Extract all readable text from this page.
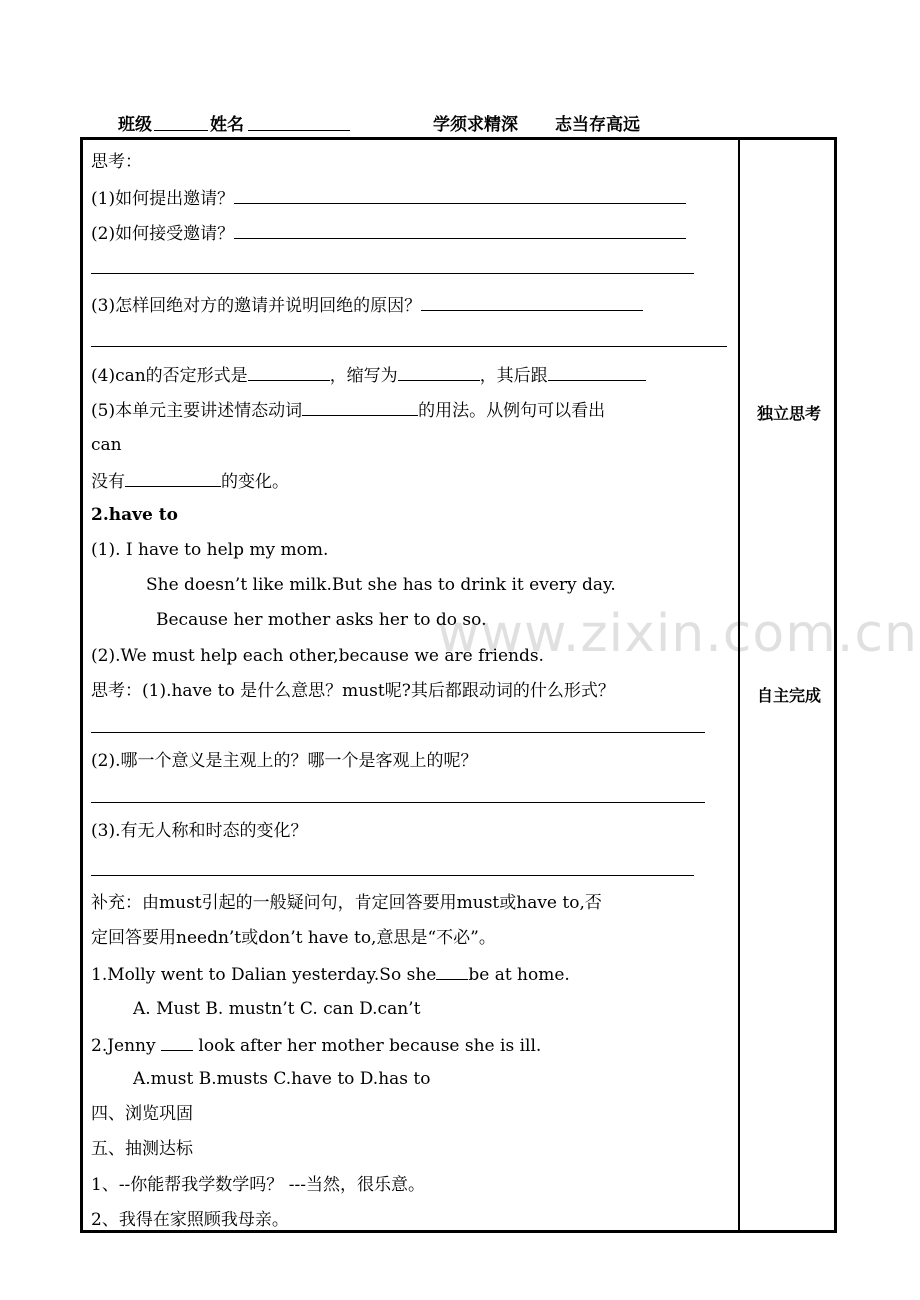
班级	姓名	学须求精深 志当存高远
独立思考
自主完成
思考：
(1)如何提出邀请？
(2)如何接受邀请？
(3)怎样回绝对方的邀请并说明回绝的原因？
(4)can的否定形式是	，缩写为	，其后跟
(5)本单元主要讲述情态动词	的用法。从例句可以看出
can
没有	的变化。
2.have to
(1). I have to help my mom.
She doesn’t like milk.But she has to drink it every day.
Because her mother asks her to do so.
(2).We must help each other,because we are friends.
思考：(1).have to 是什么意思？must呢?其后都跟动词的什么形式？
(2).哪一个意义是主观上的？哪一个是客观上的呢？
(3).有无人称和时态的变化？
补充：由must引起的一般疑问句，肯定回答要用must或have to,否
定回答要用needn’t或don’t have to,意思是“不必”。
1.Molly went to Dalian yesterday.So she be at home.
A. Must B. mustn’t C. can D.can’t
2.Jenny  look after her mother because she is ill.
A.must B.musts C.have to D.has to
四、浏览巩固
五、抽测达标
1、--你能帮我学数学吗？ ---当然，很乐意。
2、我得在家照顾我母亲。
www.zixin.com.cn
